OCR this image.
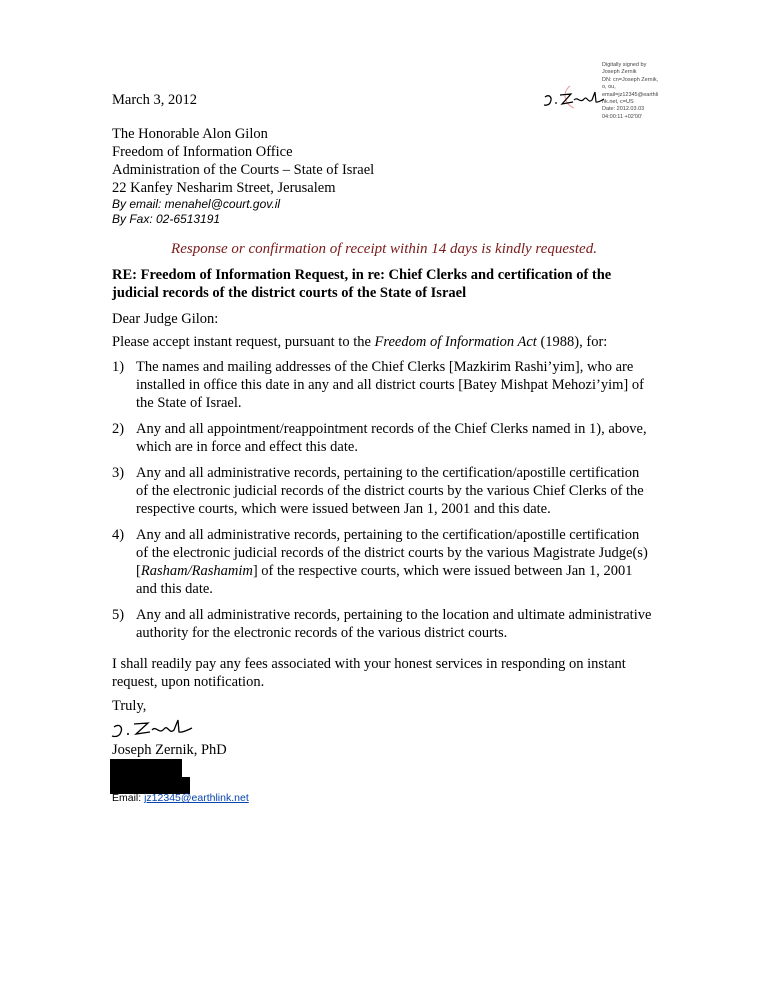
Digitally signed by
Joseph Zernik
DN: cn=Joseph Zernik,
o, ou,
email=jz12345@earthli
nk.net, c=US
Date: 2012.03.03
04:00:11 +02'00'
March 3, 2012
The Honorable Alon Gilon
Freedom of Information Office
Administration of the Courts – State of Israel
22 Kanfey Nesharim Street, Jerusalem
By email: menahel@court.gov.il
By Fax: 02-6513191
Response or confirmation of receipt within 14 days is kindly requested.
RE: Freedom of Information Request, in re: Chief Clerks and certification of the judicial records of the district courts of the State of Israel
Dear Judge Gilon:
Please accept instant request, pursuant to the Freedom of Information Act (1988), for:
1) The names and mailing addresses of the Chief Clerks [Mazkirim Rashi’yim], who are installed in office this date in any and all district courts [Batey Mishpat Mehozi’yim] of the State of Israel.
2) Any and all appointment/reappointment records of the Chief Clerks named in 1), above, which are in force and effect this date.
3) Any and all administrative records, pertaining to the certification/apostille certification of the electronic judicial records of the district courts by the various Chief Clerks of the respective courts, which were issued between Jan 1, 2001 and this date.
4) Any and all administrative records, pertaining to the certification/apostille certification of the electronic judicial records of the district courts by the various Magistrate Judge(s) [Rasham/Rashamim] of the respective courts, which were issued between Jan 1, 2001 and this date.
5) Any and all administrative records, pertaining to the location and ultimate administrative authority for the electronic records of the various district courts.
I shall readily pay any fees associated with your honest services in responding on instant request, upon notification.
Truly,
Joseph Zernik, PhD
Email: jz12345@earthlink.net
